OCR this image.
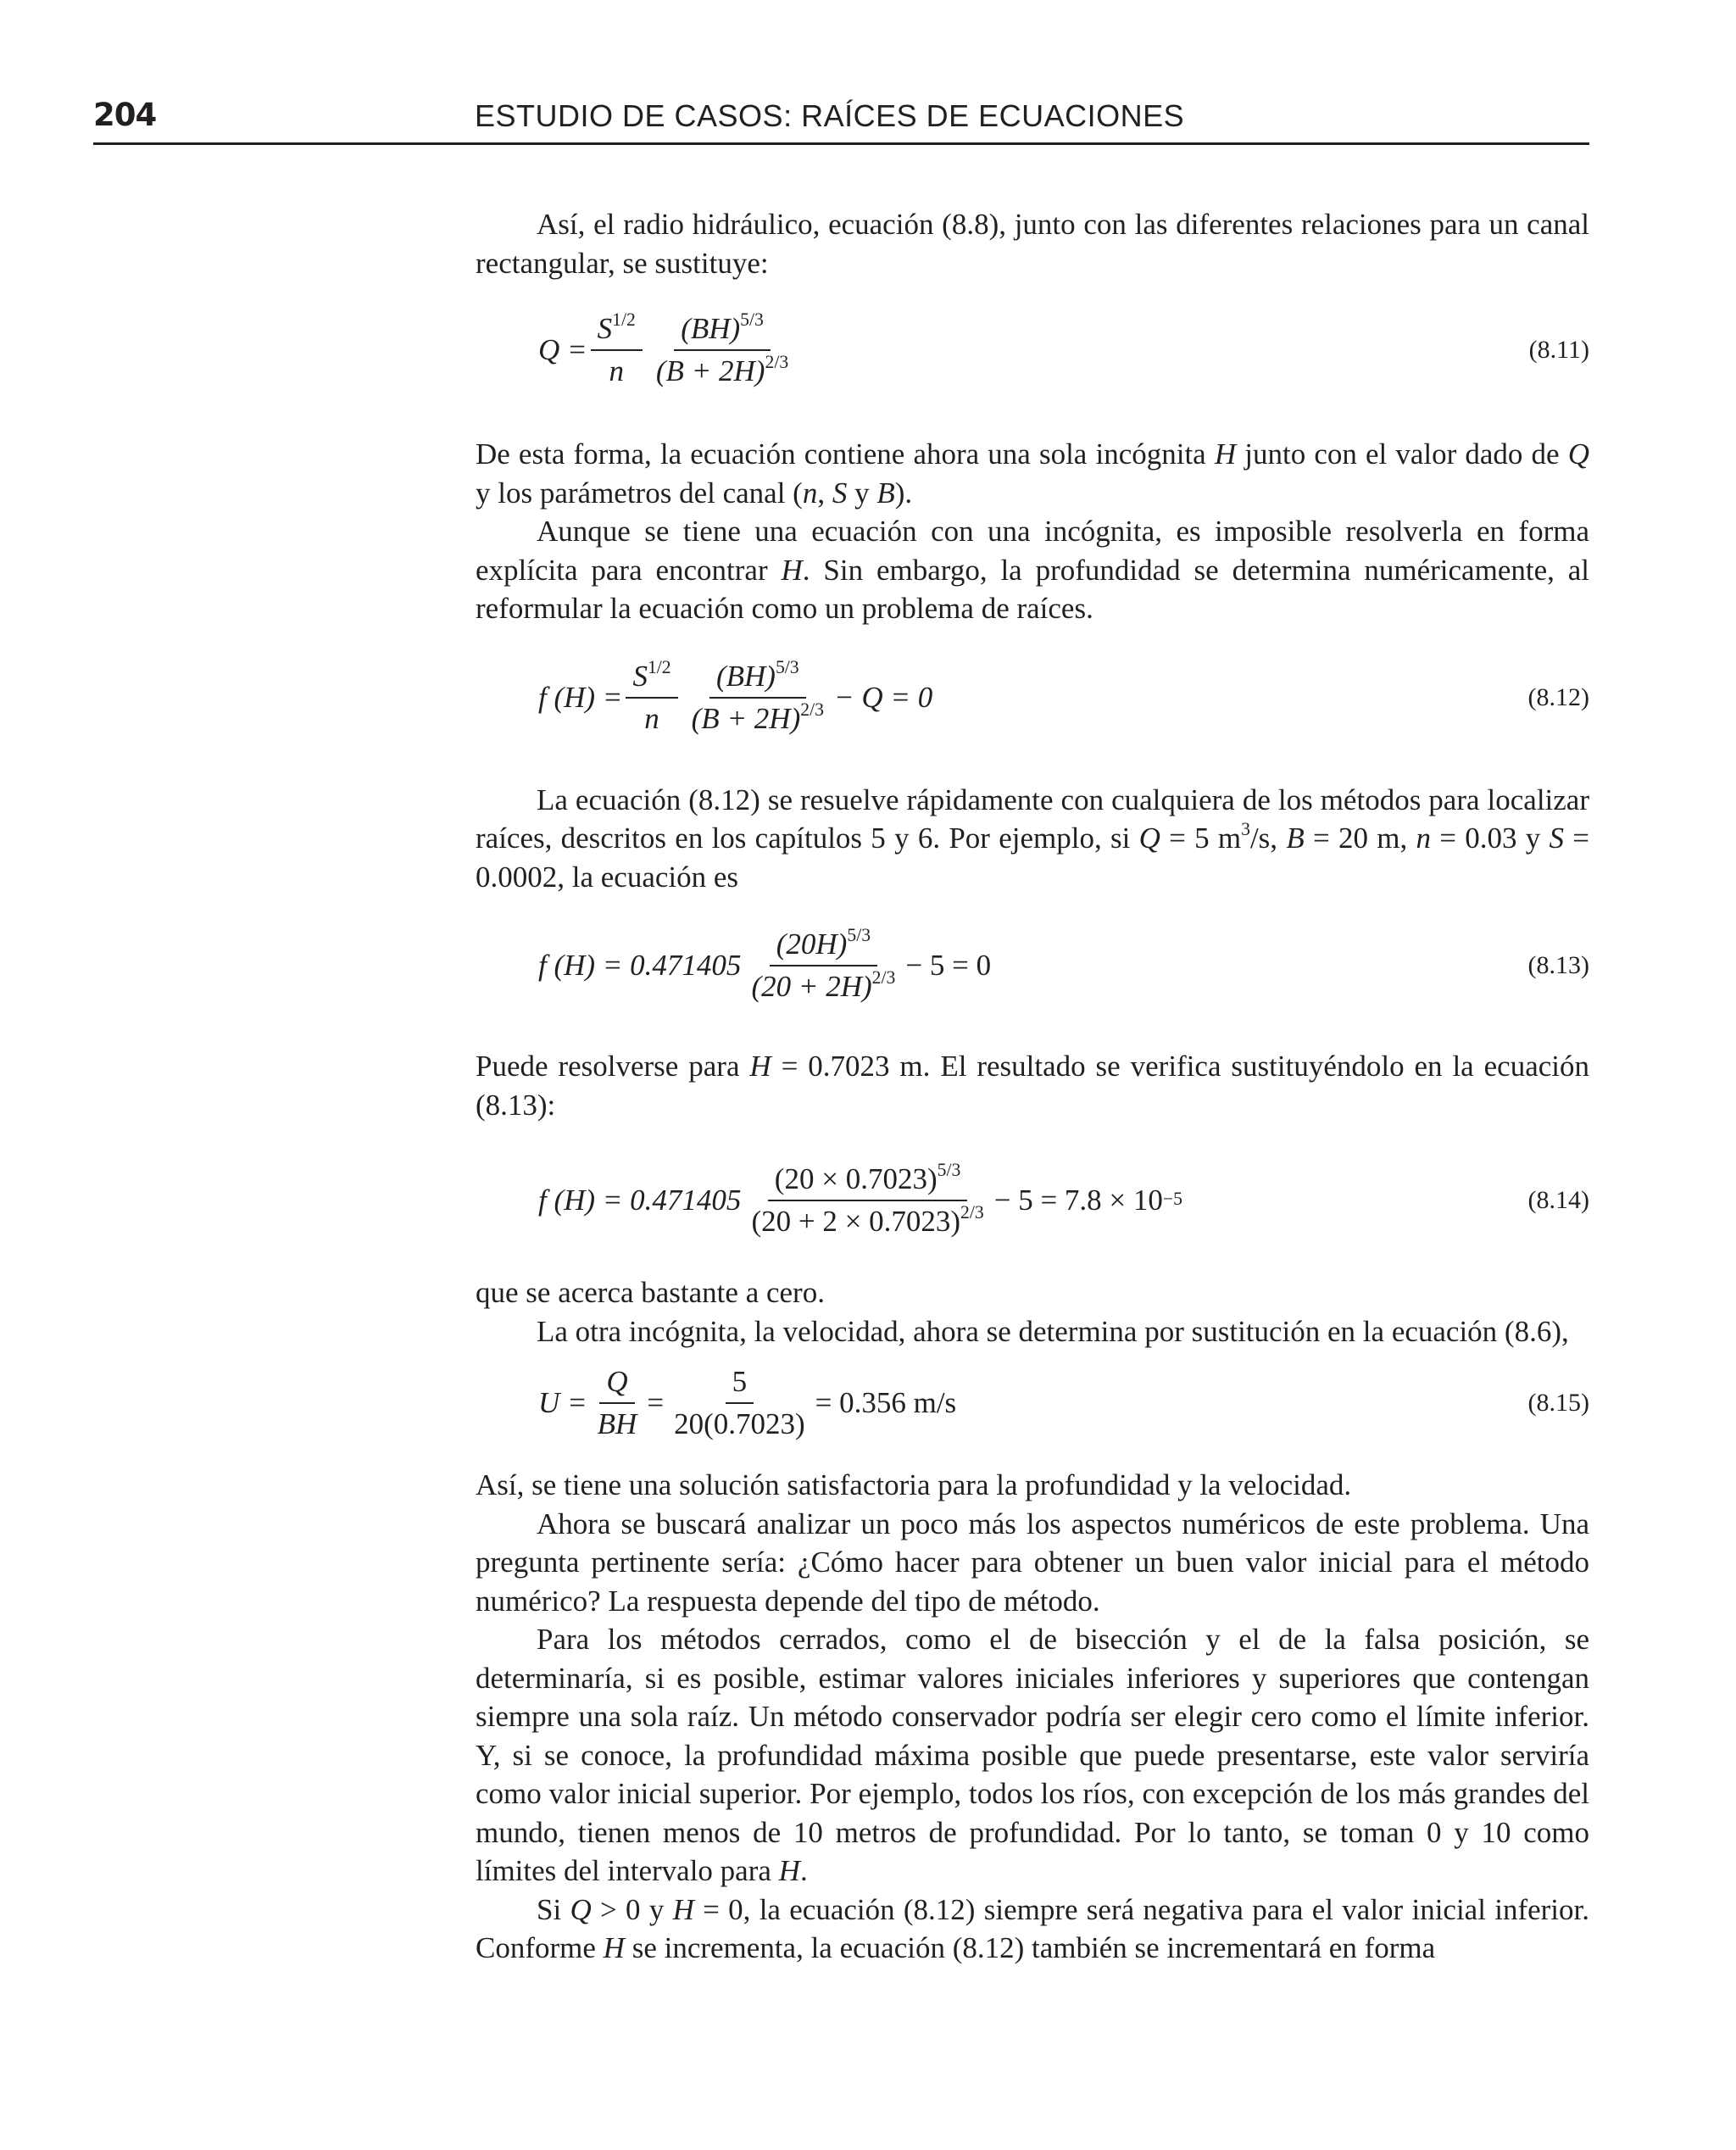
204	ESTUDIO DE CASOS: RAÍCES DE ECUACIONES

Así, el radio hidráulico, ecuación (8.8), junto con las diferentes relaciones para un canal rectangular, se sustituye:

$Q = \frac{S^{1/2}}{n} \frac{(BH)^{5/3}}{(B + 2H)^{2/3}}$	(8.11)

De esta forma, la ecuación contiene ahora una sola incógnita H junto con el valor dado de Q y los parámetros del canal (n, S y B).

Aunque se tiene una ecuación con una incógnita, es imposible resolverla en forma explícita para encontrar H. Sin embargo, la profundidad se determina numéricamente, al reformular la ecuación como un problema de raíces.

f $(H) = \frac{S^{1/2}}{n} \frac{(BH)^{5/3}}{(B + 2H)^{2/3}} - Q = 0$	(8.12)

La ecuación (8.12) se resuelve rápidamente con cualquiera de los métodos para localizar raíces, descritos en los capítulos 5 y 6. Por ejemplo, si Q = 5 $m^3/s$, B = 20 m, n = 0.03 y S = 0.0002, la ecuación es

f $(H) = 0.471405 \frac{(20H)^{5/3}}{(20 + 2H)^{2/3}} - 5 = 0$	(8.13)

Puede resolverse para H = 0.7023 m. El resultado se verifica sustituyéndolo en la ecuación (8.13):

f $(H) = 0.471405 \frac{(20 \times 0.7023)^{5/3}}{(20 + 2 \times 0.7023)^{2/3}} - 5 = 7.8 \times 10^{-5}$	(8.14)

que se acerca bastante a cero.

La otra incógnita, la velocidad, ahora se determina por sustitución en la ecuación (8.6),

$U = \frac{Q}{BH} = \frac{5}{20(0.7023)} = 0.356$ m/s	(8.15)

Así, se tiene una solución satisfactoria para la profundidad y la velocidad.

Ahora se buscará analizar un poco más los aspectos numéricos de este problema. Una pregunta pertinente sería: ¿Cómo hacer para obtener un buen valor inicial para el método numérico? La respuesta depende del tipo de método.

Para los métodos cerrados, como el de bisección y el de la falsa posición, se determinaría, si es posible, estimar valores iniciales inferiores y superiores que contengan siempre una sola raíz. Un método conservador podría ser elegir cero como el límite inferior. Y, si se conoce, la profundidad máxima posible que puede presentarse, este valor serviría como valor inicial superior. Por ejemplo, todos los ríos, con excepción de los más grandes del mundo, tienen menos de 10 metros de profundidad. Por lo tanto, se toman 0 y 10 como límites del intervalo para H.

Si Q > 0 y H = 0, la ecuación (8.12) siempre será negativa para el valor inicial inferior. Conforme H se incrementa, la ecuación (8.12) también se incrementará en forma
